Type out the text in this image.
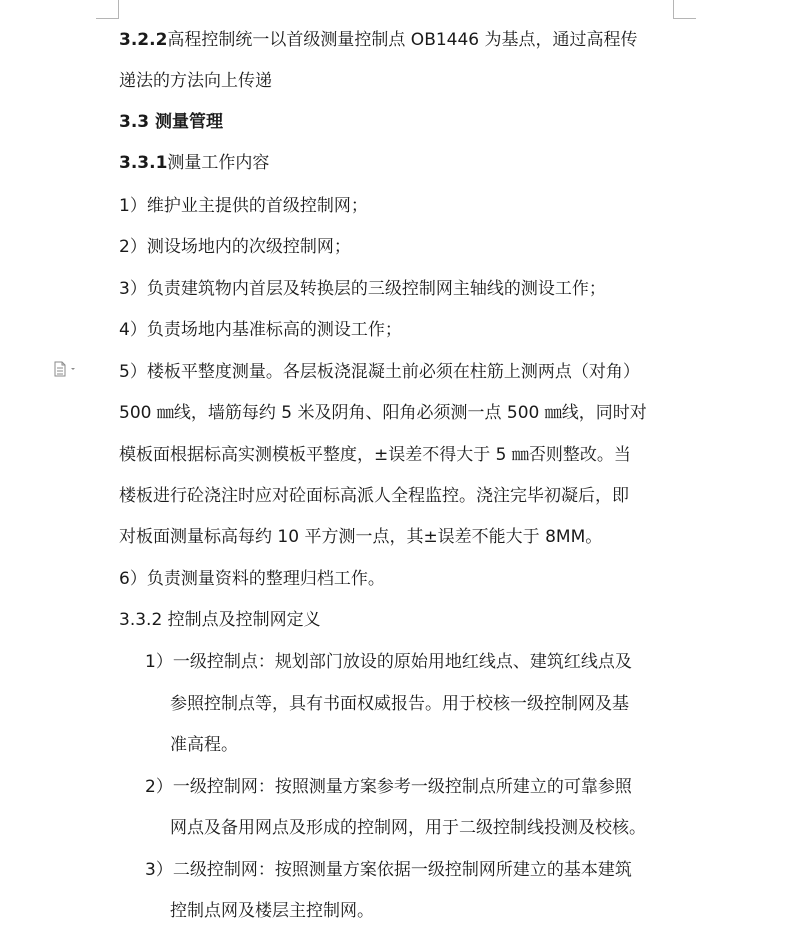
3.2.2高程控制统一以首级测量控制点 OB1446 为基点，通过高程传
递法的方法向上传递
3.3 测量管理
3.3.1测量工作内容
1）维护业主提供的首级控制网；
2）测设场地内的次级控制网；
3）负责建筑物内首层及转换层的三级控制网主轴线的测设工作；
4）负责场地内基准标高的测设工作；
5）楼板平整度测量。各层板浇混凝土前必须在柱筋上测两点（对角）
500 ㎜线，墙筋每约 5 米及阴角、阳角必须测一点 500 ㎜线，同时对
模板面根据标高实测模板平整度，±误差不得大于 5 ㎜否则整改。当
楼板进行砼浇注时应对砼面标高派人全程监控。浇注完毕初凝后，即
对板面测量标高每约 10 平方测一点，其±误差不能大于 8MM。
6）负责测量资料的整理归档工作。
3.3.2 控制点及控制网定义
1）一级控制点：规划部门放设的原始用地红线点、建筑红线点及
参照控制点等，具有书面权威报告。用于校核一级控制网及基
准高程。
2）一级控制网：按照测量方案参考一级控制点所建立的可靠参照
网点及备用网点及形成的控制网，用于二级控制线投测及校核。
3）二级控制网：按照测量方案依据一级控制网所建立的基本建筑
控制点网及楼层主控制网。
